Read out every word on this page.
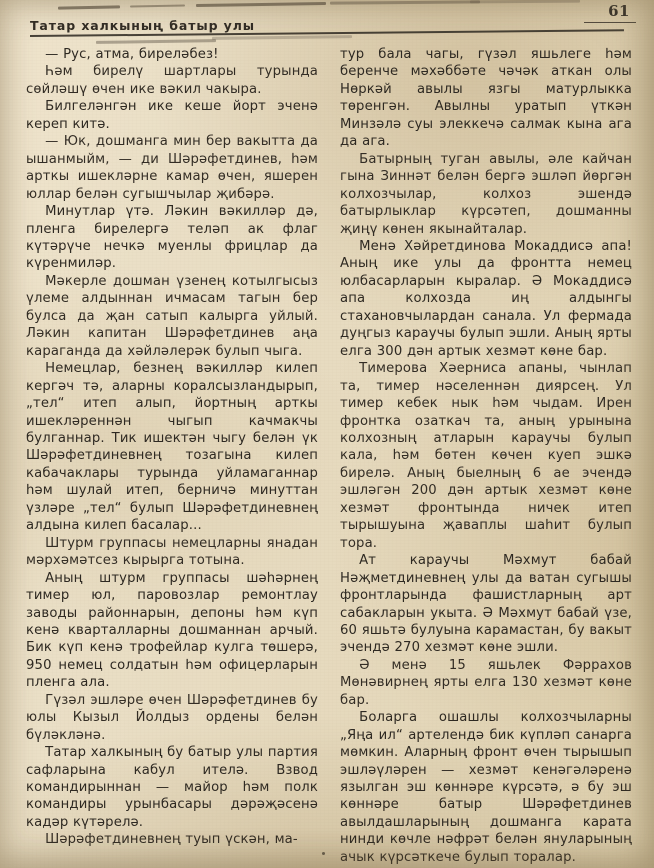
61
Татар халкының батыр улы

— Рус, атма, бирелəбез!

Һəм бирелү шартлары турында сөйлəшү өчен ике вəкил чакыра.

Билгелəнгəн ике кеше йорт эченə кереп китə.

— Юк, дошманга мин бер вакытта да ышанмыйм, — ди Шəрəфетдинев, һəм арткы ишеклəрне камар өчен, яшерен юллар белəн сугышчылар җибəрə.

Минутлар үтə. Лəкин вəкиллəр дə, пленга бирелергə телəп ак флаг күтəрүче нечкə муенлы фрицлар да күренмилəр.

Мəкерле дошман үзенең котылгысыз үлеме алдыннан ичмасам тагын бер булса да җан сатып калырга уйлый. Лəкин капитан Шəрəфетдинев аңа караганда да хəйлəлерəк булып чыга.

Немецлар, безнең вəкиллəр килеп кергəч тə, аларны коралсызландырып, „тел“ итеп алып, йортның арткы ишеклəреннəн чыгып качмакчы булганнар. Тик ишектəн чыгу белəн үк Шəрəфетдиневнең тозагына килеп кабачаклары турында уйламаганнар һəм шулай итеп, берничə минуттан үзлəре „тел“ булып Шəрəфетдиневнең алдына килеп басалар...

Штурм группасы немецларны янадан мəрхəмəтсез кырырга тотына.

Аның штурм группасы шəһəрнең тимер юл, паровозлар ремонтлау заводы районнарын, депоны һəм күп кенə кварталларны дошманнан арчый. Бик күп кенə трофейлар кулга төшерə, 950 немец солдатын һəм офицерларын пленга ала.

Гүзəл эшлəре өчен Шəрəфетдинев бу юлы Кызыл Йолдыз ордены белəн бүлəклəнə.

Татар халкының бу батыр улы партия сафларына кабул ителə. Взвод командирыннан — майор һəм полк командиры урынбасары дəрəҗəсенə кадəр күтəрелə.

Шəрəфетдиневнең туып үскəн, ма-

тур бала чагы, гүзəл яшьлеге һəм беренче мəхəббəте чəчəк аткан олы Нөркəй авылы язгы матурлыкка төренгəн. Авылны уратып үткəн Минзəлə суы элеккечə салмак кына ага да ага.

Батырның туган авылы, əле кайчан гына Зиннəт белəн бергə эшлəп йөргəн колхозчылар, колхоз эшендə батырлыклар күрсəтеп, дошманны җиңү көнен якынайталар.

Менə Хəйретдинова Мокаддисə апа! Аның ике улы да фронтта немец юлбасарларын кыралар. Ə Мокаддисə апа колхозда иң алдынгы стахановчылардан санала. Ул фермада дуңгыз караучы булып эшли. Аның ярты елга 300 дəн артык хезмəт көне бар.

Тимерова Хəерниса апаны, чынлап та, тимер нəселеннəн диярсең. Ул тимер кебек нык һəм чыдам. Ирен фронтка озаткач та, аның урынына колхозның атларын караучы булып кала, һəм бөтен көчен куеп эшкə бирелə. Аның быелның 6 ае эчендə эшлəгəн 200 дəн артык хезмəт көне хезмəт фронтында ничек итеп тырышуына җаваплы шаһит булып тора.

Ат караучы Мəхмут бабай Нəҗметдиневнең улы да ватан сугышы фронтларында фашистларның арт сабакларын укыта. Ə Мəхмут бабай үзе, 60 яшьтə булуына карамастан, бу вакыт эчендə 270 хезмəт көне эшли.

Ə менə 15 яшьлек Фəррахов Мөнəвирнең ярты елга 130 хезмəт көне бар.

Боларга ошашлы колхозчыларны „Яңа ил“ артелендə бик күплəп санарга мөмкин. Аларның фронт өчен тырышып эшлəүлəрен — хезмəт кенəгəлəренə язылган эш көннəре күрсəтə, ə бу эш көннəре батыр Шəрəфетдинев авылдашларының дошманга карата нинди көчле нəфрəт белəн януларының ачык күрсəткече булып торалар.
